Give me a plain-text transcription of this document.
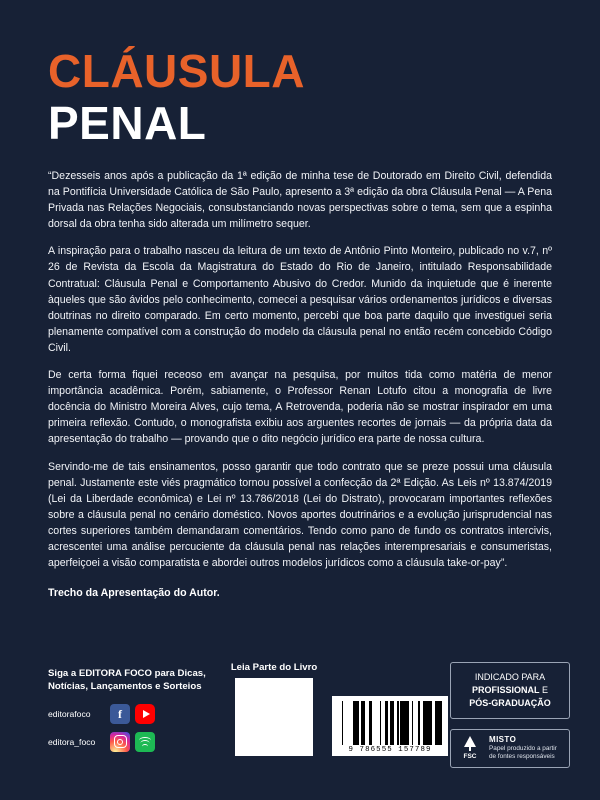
CLÁUSULA
PENAL

“Dezesseis anos após a publicação da 1ª edição de minha tese de Doutorado em Direito Civil, defendida na Pontifícia Universidade Católica de São Paulo, apresento a 3ª edição da obra Cláusula Penal — A Pena Privada nas Relações Negociais, consubstanciando novas perspectivas sobre o tema, sem que a espinha dorsal da obra tenha sido alterada um milímetro sequer.

A inspiração para o trabalho nasceu da leitura de um texto de Antônio Pinto Monteiro, publicado no v.7, nº 26 de Revista da Escola da Magistratura do Estado do Rio de Janeiro, intitulado Responsabilidade Contratual: Cláusula Penal e Comportamento Abusivo do Credor. Munido da inquietude que é inerente àqueles que são ávidos pelo conhecimento, comecei a pesquisar vários ordenamentos jurídicos e diversas doutrinas no direito comparado. Em certo momento, percebi que boa parte daquilo que investiguei seria plenamente compatível com a construção do modelo da cláusula penal no então recém concebido Código Civil.

De certa forma fiquei receoso em avançar na pesquisa, por muitos tida como matéria de menor importância acadêmica. Porém, sabiamente, o Professor Renan Lotufo citou a monografia de livre docência do Ministro Moreira Alves, cujo tema, A Retrovenda, poderia não se mostrar inspirador em uma primeira reflexão. Contudo, o monografista exibiu aos arguentes recortes de jornais — da própria data da apresentação do trabalho — provando que o dito negócio jurídico era parte de nossa cultura.

Servindo-me de tais ensinamentos, posso garantir que todo contrato que se preze possui uma cláusula penal. Justamente este viés pragmático tornou possível a confecção da 2ª Edição. As Leis nº 13.874/2019 (Lei da Liberdade econômica) e Lei nº 13.786/2018 (Lei do Distrato), provocaram importantes reflexões sobre a cláusula penal no cenário doméstico. Novos aportes doutrinários e a evolução jurisprudencial nas cortes superiores também demandaram comentários. Tendo como pano de fundo os contratos intercivis, acrescentei uma análise percuciente da cláusula penal nas relações interempresariais e consumeristas, aperfeiçoei a visão comparatista e abordei outros modelos jurídicos como a cláusula take-or-pay”.

Trecho da Apresentação do Autor.
Siga a EDITORA FOCO para Dicas, Notícias, Lançamentos e Sorteios
editorafoco	f
editora_foco
Leia Parte do Livro
9 786555 157789
INDICADO PARA
PROFISSIONAL E
PÓS-GRADUAÇÃO
FSC
MISTO
Papel produzido a partir de fontes responsáveis
